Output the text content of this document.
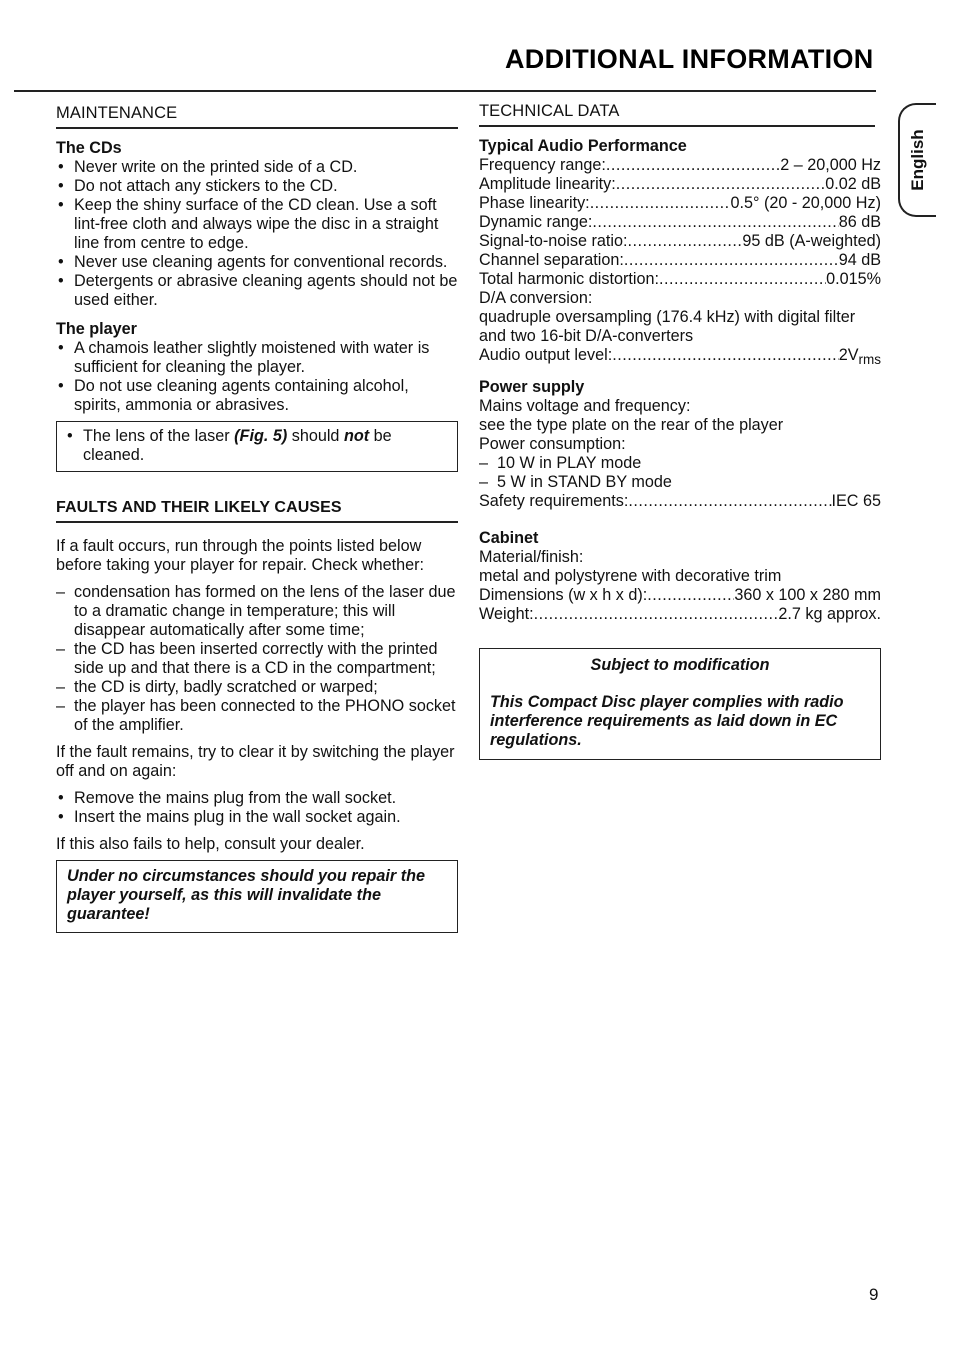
ADDITIONAL INFORMATION
English
MAINTENANCE

The CDs

• Never write on the printed side of a CD.
• Do not attach any stickers to the CD.
• Keep the shiny surface of the CD clean. Use a soft lint-free cloth and always wipe the disc in a straight line from centre to edge.
• Never use cleaning agents for conventional records.
• Detergents or abrasive cleaning agents should not be used either.

The player

• A chamois leather slightly moistened with water is sufficient for cleaning the player.
• Do not use cleaning agents containing alcohol, spirits, ammonia or abrasives.
• The lens of the laser (Fig. 5) should not be cleaned.
FAULTS AND THEIR LIKELY CAUSES

If a fault occurs, run through the points listed below before taking your player for repair. Check whether:

– condensation has formed on the lens of the laser due to a dramatic change in temperature; this will disappear automatically after some time;
– the CD has been inserted correctly with the printed side up and that there is a CD in the compartment;
– the CD is dirty, badly scratched or warped;
– the player has been connected to the PHONO socket of the amplifier.

If the fault remains, try to clear it by switching the player off and on again:

• Remove the mains plug from the wall socket.
• Insert the mains plug in the wall socket again.

If this also fails to help, consult your dealer.

Under no circumstances should you repair the player yourself, as this will invalidate the guarantee!
TECHNICAL DATA

Typical Audio Performance

Frequency range: .....	2 – 20,000 Hz
Amplitude linearity: .....	0.02 dB
Phase linearity: .....	0.5° (20 - 20,000 Hz)
Dynamic range: .....	86 dB
Signal-to-noise ratio: .....	95 dB (A-weighted)
Channel separation: .....	94 dB
Total harmonic distortion: .....	0.015%

D/A conversion:

quadruple oversampling (176.4 kHz) with digital filter and two 16-bit D/A-converters

Audio output level: .....	$2V_{rms}$

Power supply

Mains voltage and frequency:

see the type plate on the rear of the player

Power consumption:

– 10 W in PLAY mode
– 5 W in STAND BY mode
Safety requirements: .....	IEC 65

Cabinet

Material/finish:

metal and polystyrene with decorative trim

Dimensions (w x h x d): .....	360 x 100 x 280 mm
Weight: .....	2.7 kg approx.

Subject to modification

This Compact Disc player complies with radio interference requirements as laid down in EC regulations.

9
